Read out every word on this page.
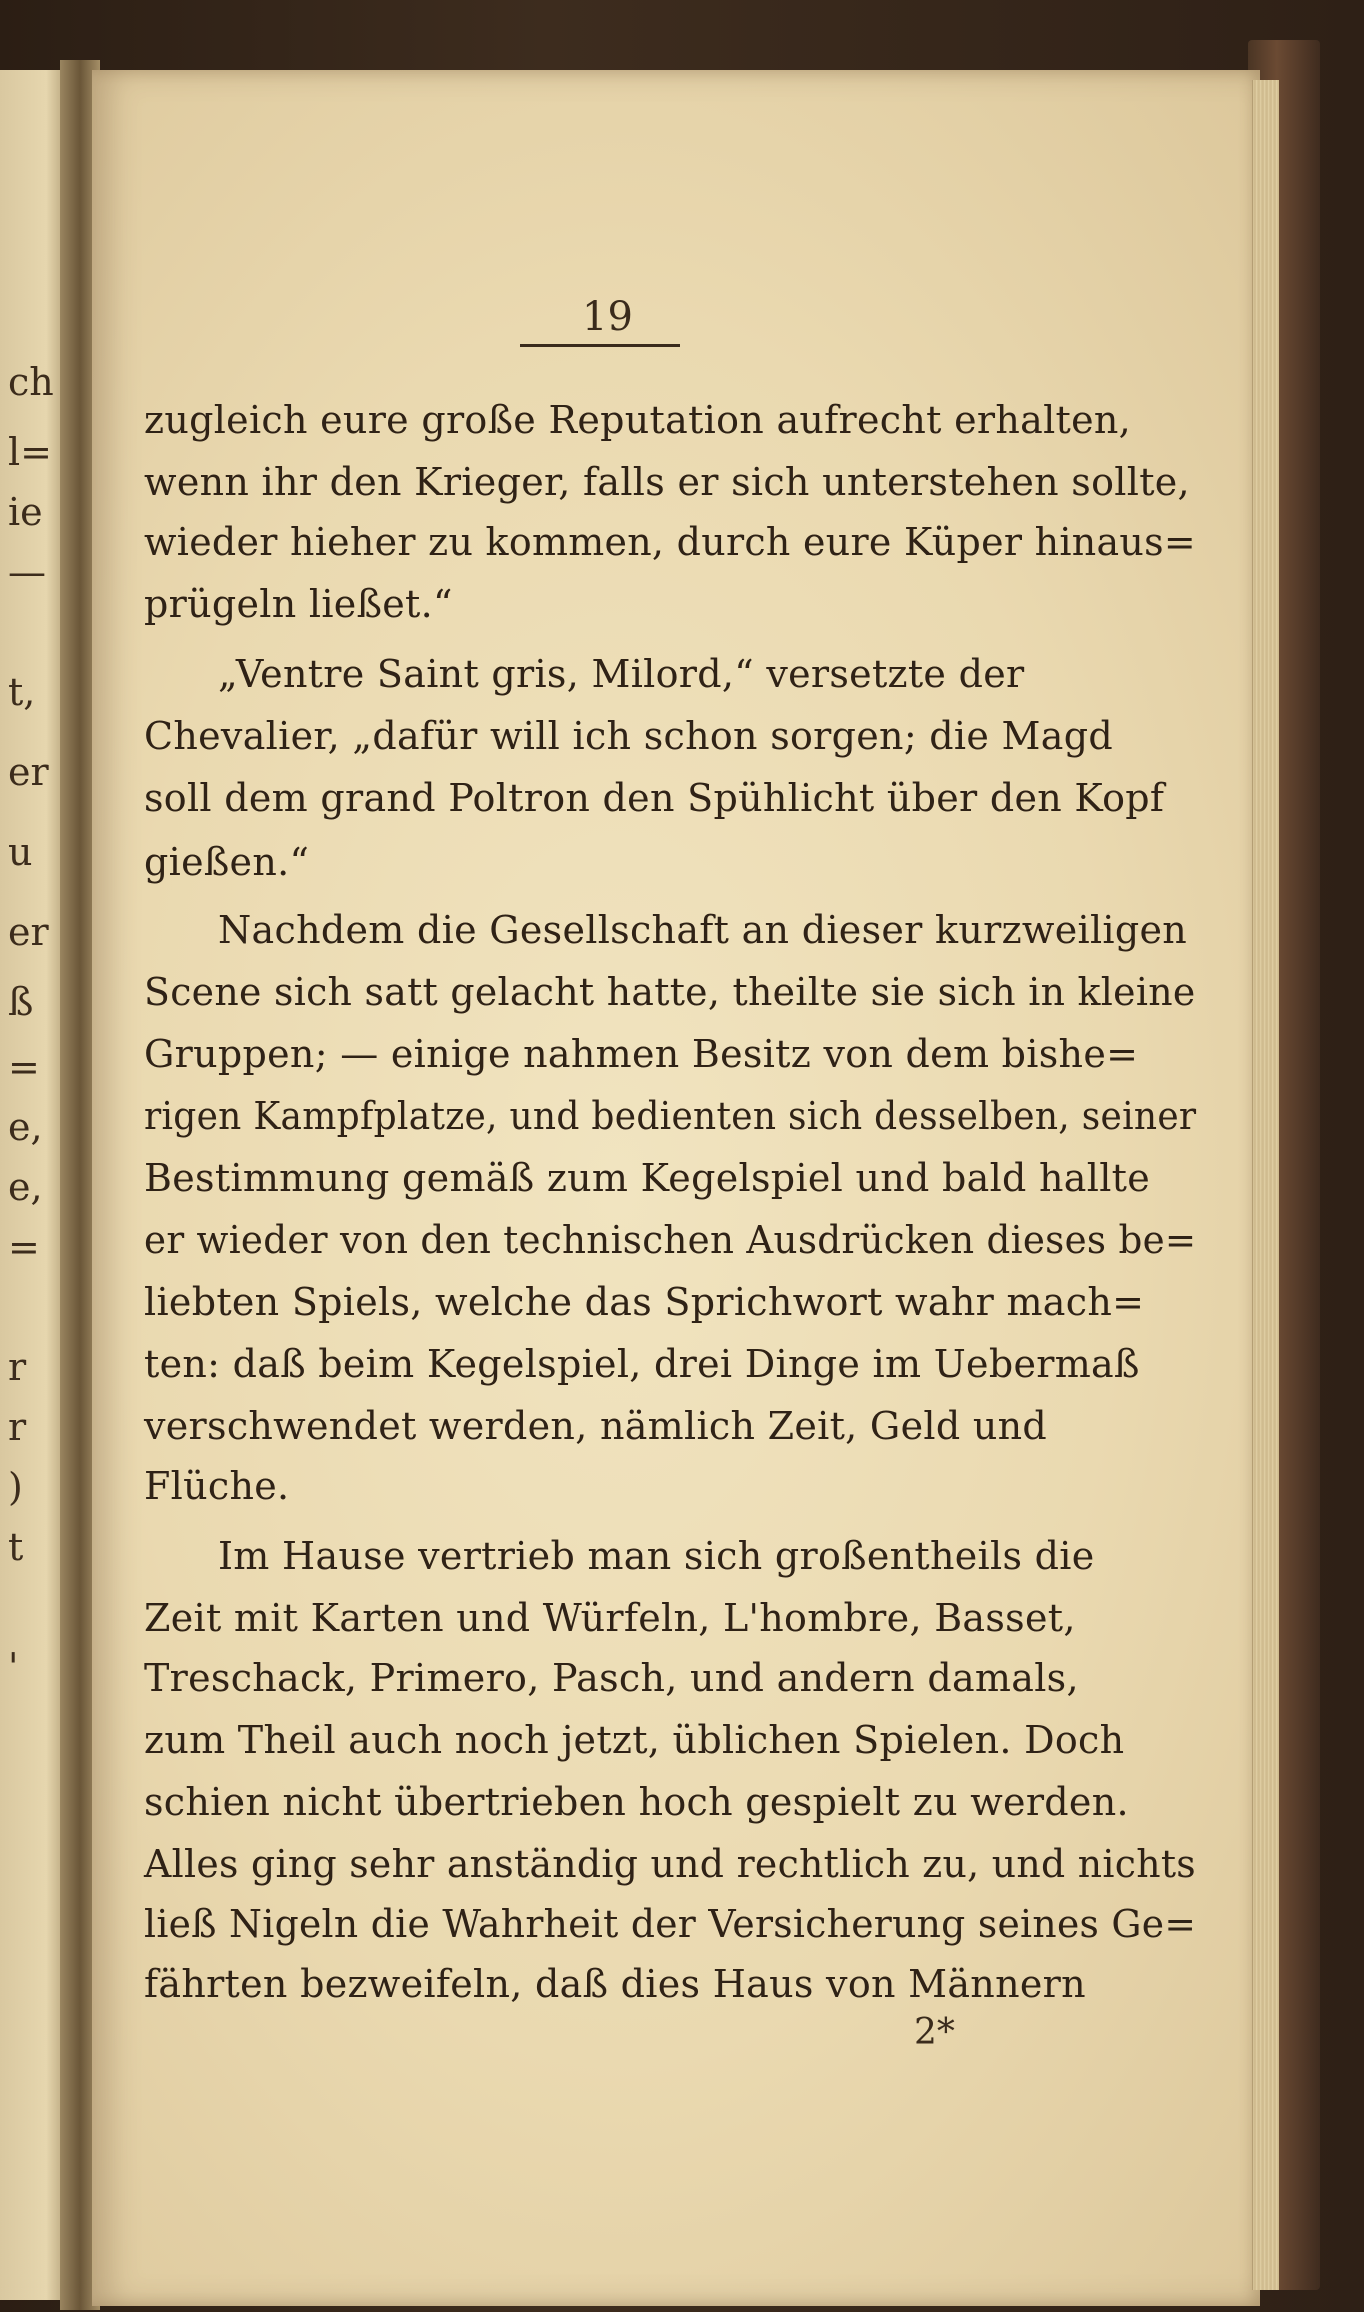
ch
l=
ie
—
t,
er
u
er
ß
=
e,
e,
=
r
r
)
t
'
19
zugleich eure große Reputation aufrecht erhalten,
wenn ihr den Krieger, falls er sich unterstehen sollte,
wieder hieher zu kommen, durch eure Küper hinaus=
prügeln ließet.“
„Ventre Saint gris, Milord,“ versetzte der
Chevalier, „dafür will ich schon sorgen; die Magd
soll dem grand Poltron den Spühlicht über den Kopf
gießen.“
Nachdem die Gesellschaft an dieser kurzweiligen
Scene sich satt gelacht hatte, theilte sie sich in kleine
Gruppen; — einige nahmen Besitz von dem bishe=
rigen Kampfplatze, und bedienten sich desselben, seiner
Bestimmung gemäß zum Kegelspiel und bald hallte
er wieder von den technischen Ausdrücken dieses be=
liebten Spiels, welche das Sprichwort wahr mach=
ten: daß beim Kegelspiel, drei Dinge im Uebermaß
verschwendet werden, nämlich Zeit, Geld und
Flüche.
Im Hause vertrieb man sich großentheils die
Zeit mit Karten und Würfeln, L'hombre, Basset,
Treschack, Primero, Pasch, und andern damals,
zum Theil auch noch jetzt, üblichen Spielen. Doch
schien nicht übertrieben hoch gespielt zu werden.
Alles ging sehr anständig und rechtlich zu, und nichts
ließ Nigeln die Wahrheit der Versicherung seines Ge=
fährten bezweifeln, daß dies Haus von Männern
2*
